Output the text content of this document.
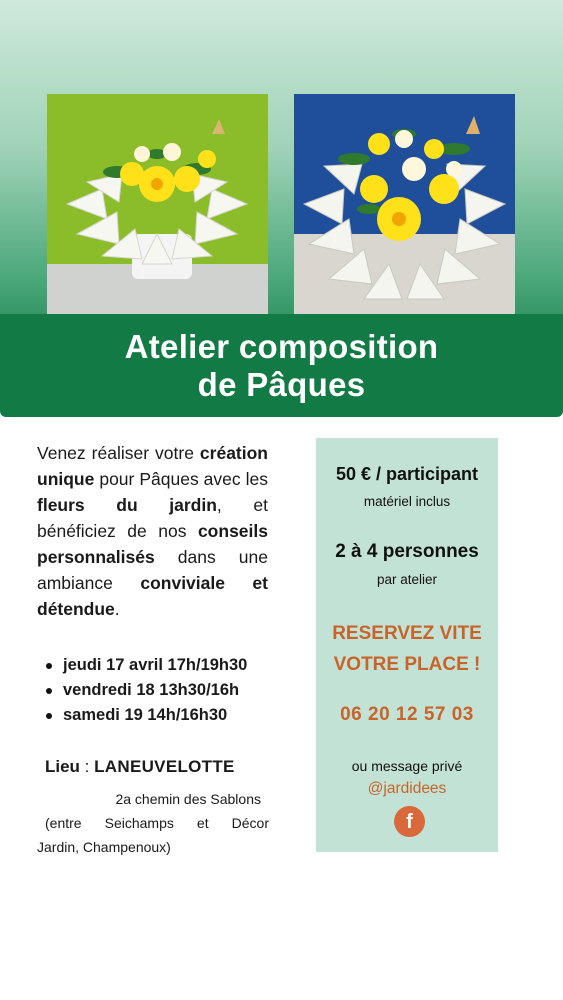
Atelier composition
de Pâques

Venez réaliser votre création unique pour Pâques avec les fleurs du jardin, et bénéficiez de nos conseils personnalisés dans une ambiance conviviale et détendue.

jeudi 17 avril 17h/19h30
vendredi 18 13h30/16h
samedi 19 14h/16h30
Lieu : LANEUVELOTTE
2a chemin des Sablons
(entre Seichamps et Décor
Jardin, Champenoux)
50 € / participant
matériel inclus
2 à 4 personnes
par atelier
RESERVEZ VITE
VOTRE PLACE !
06 20 12 57 03
ou message privé
@jardidees
f
